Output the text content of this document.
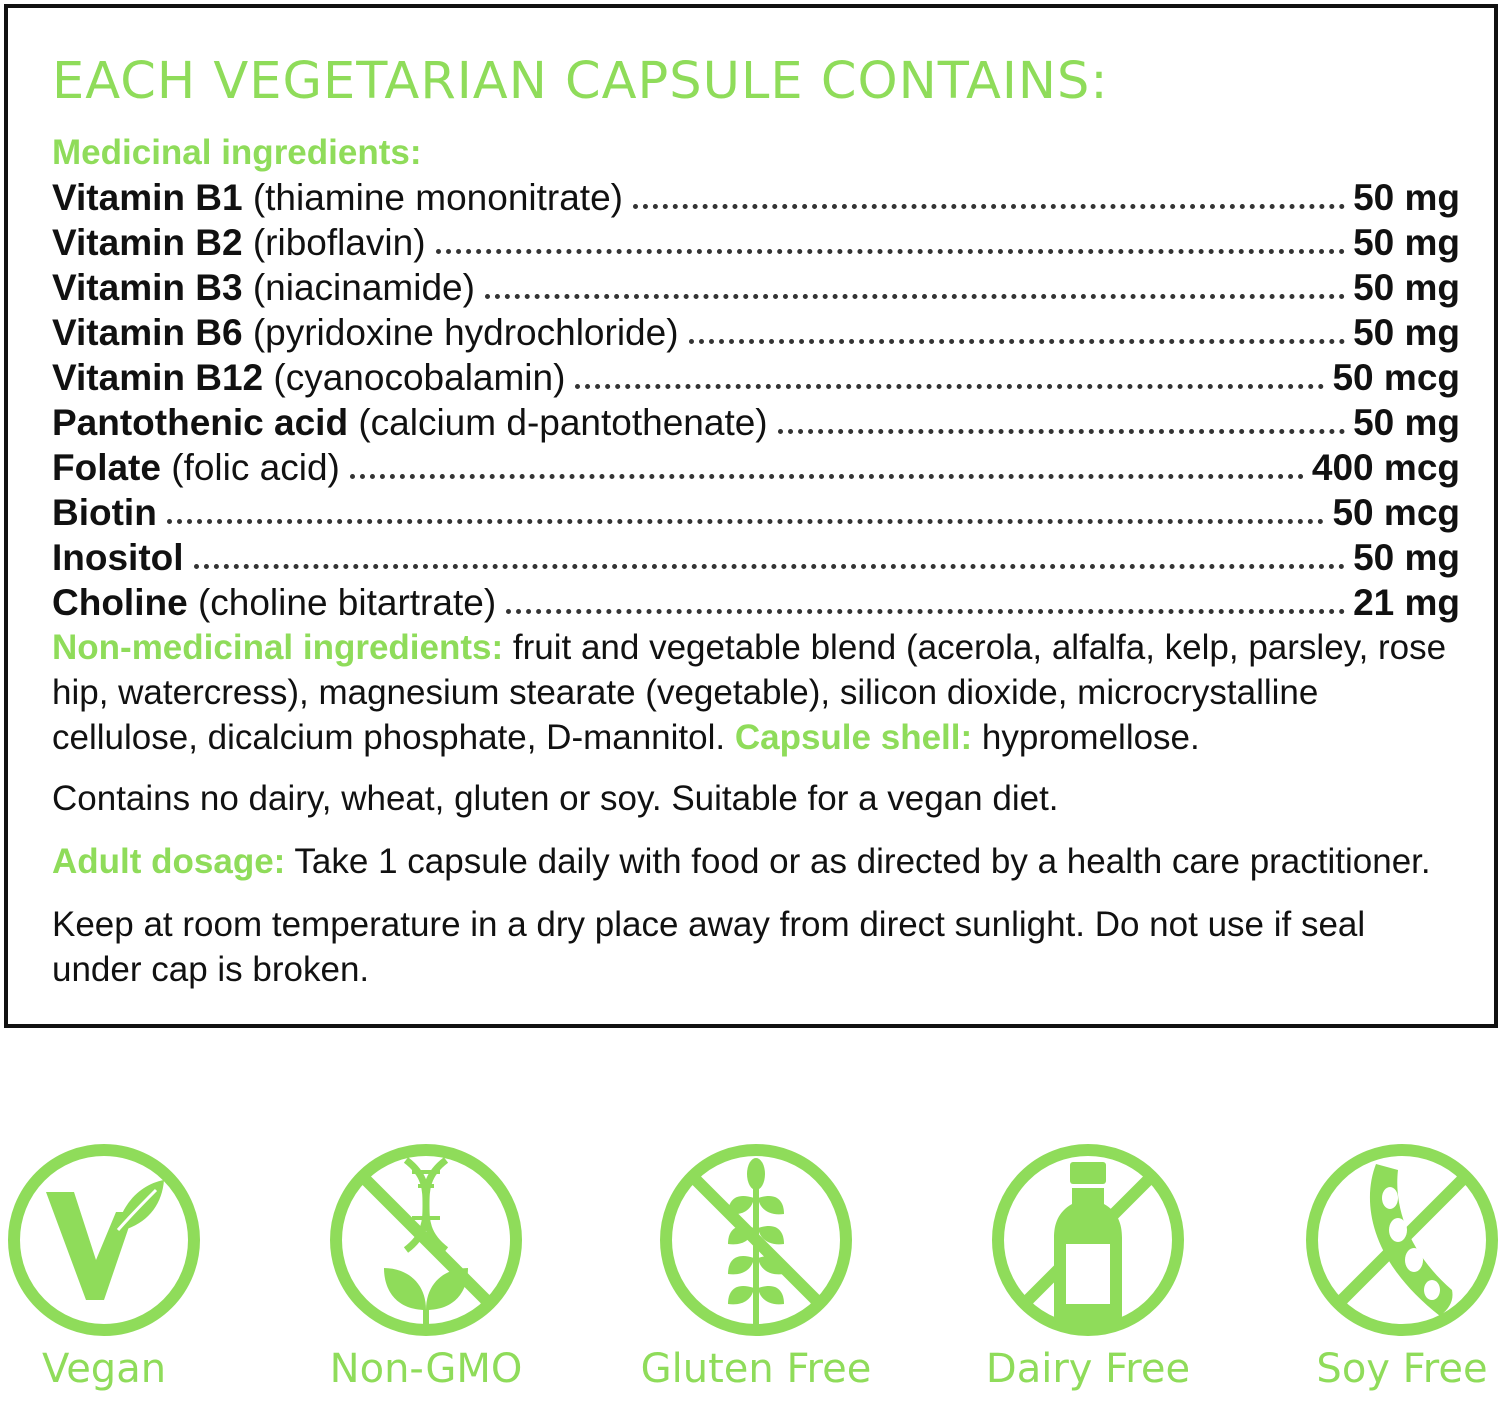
EACH VEGETARIAN CAPSULE CONTAINS:
Medicinal ingredients:
Vitamin B1 (thiamine mononitrate)	50 mg
Vitamin B2 (riboflavin)	50 mg
Vitamin B3 (niacinamide)	50 mg
Vitamin B6 (pyridoxine hydrochloride)	50 mg
Vitamin B12 (cyanocobalamin)	50 mcg
Pantothenic acid (calcium d-pantothenate)	50 mg
Folate (folic acid)	400 mcg
Biotin	50 mcg
Inositol	50 mg
Choline (choline bitartrate)	21 mg

Non-medicinal ingredients: fruit and vegetable blend (acerola, alfalfa, kelp, parsley, rose hip, watercress), magnesium stearate (vegetable), silicon dioxide, microcrystalline cellulose, dicalcium phosphate, D-mannitol. Capsule shell: hypromellose.

Contains no dairy, wheat, gluten or soy. Suitable for a vegan diet.

Adult dosage: Take 1 capsule daily with food or as directed by a health care practitioner.

Keep at room temperature in a dry place away from direct sunlight. Do not use if seal under cap is broken.

Vegan	Non-GMO	Gluten Free	Dairy Free	Soy Free
